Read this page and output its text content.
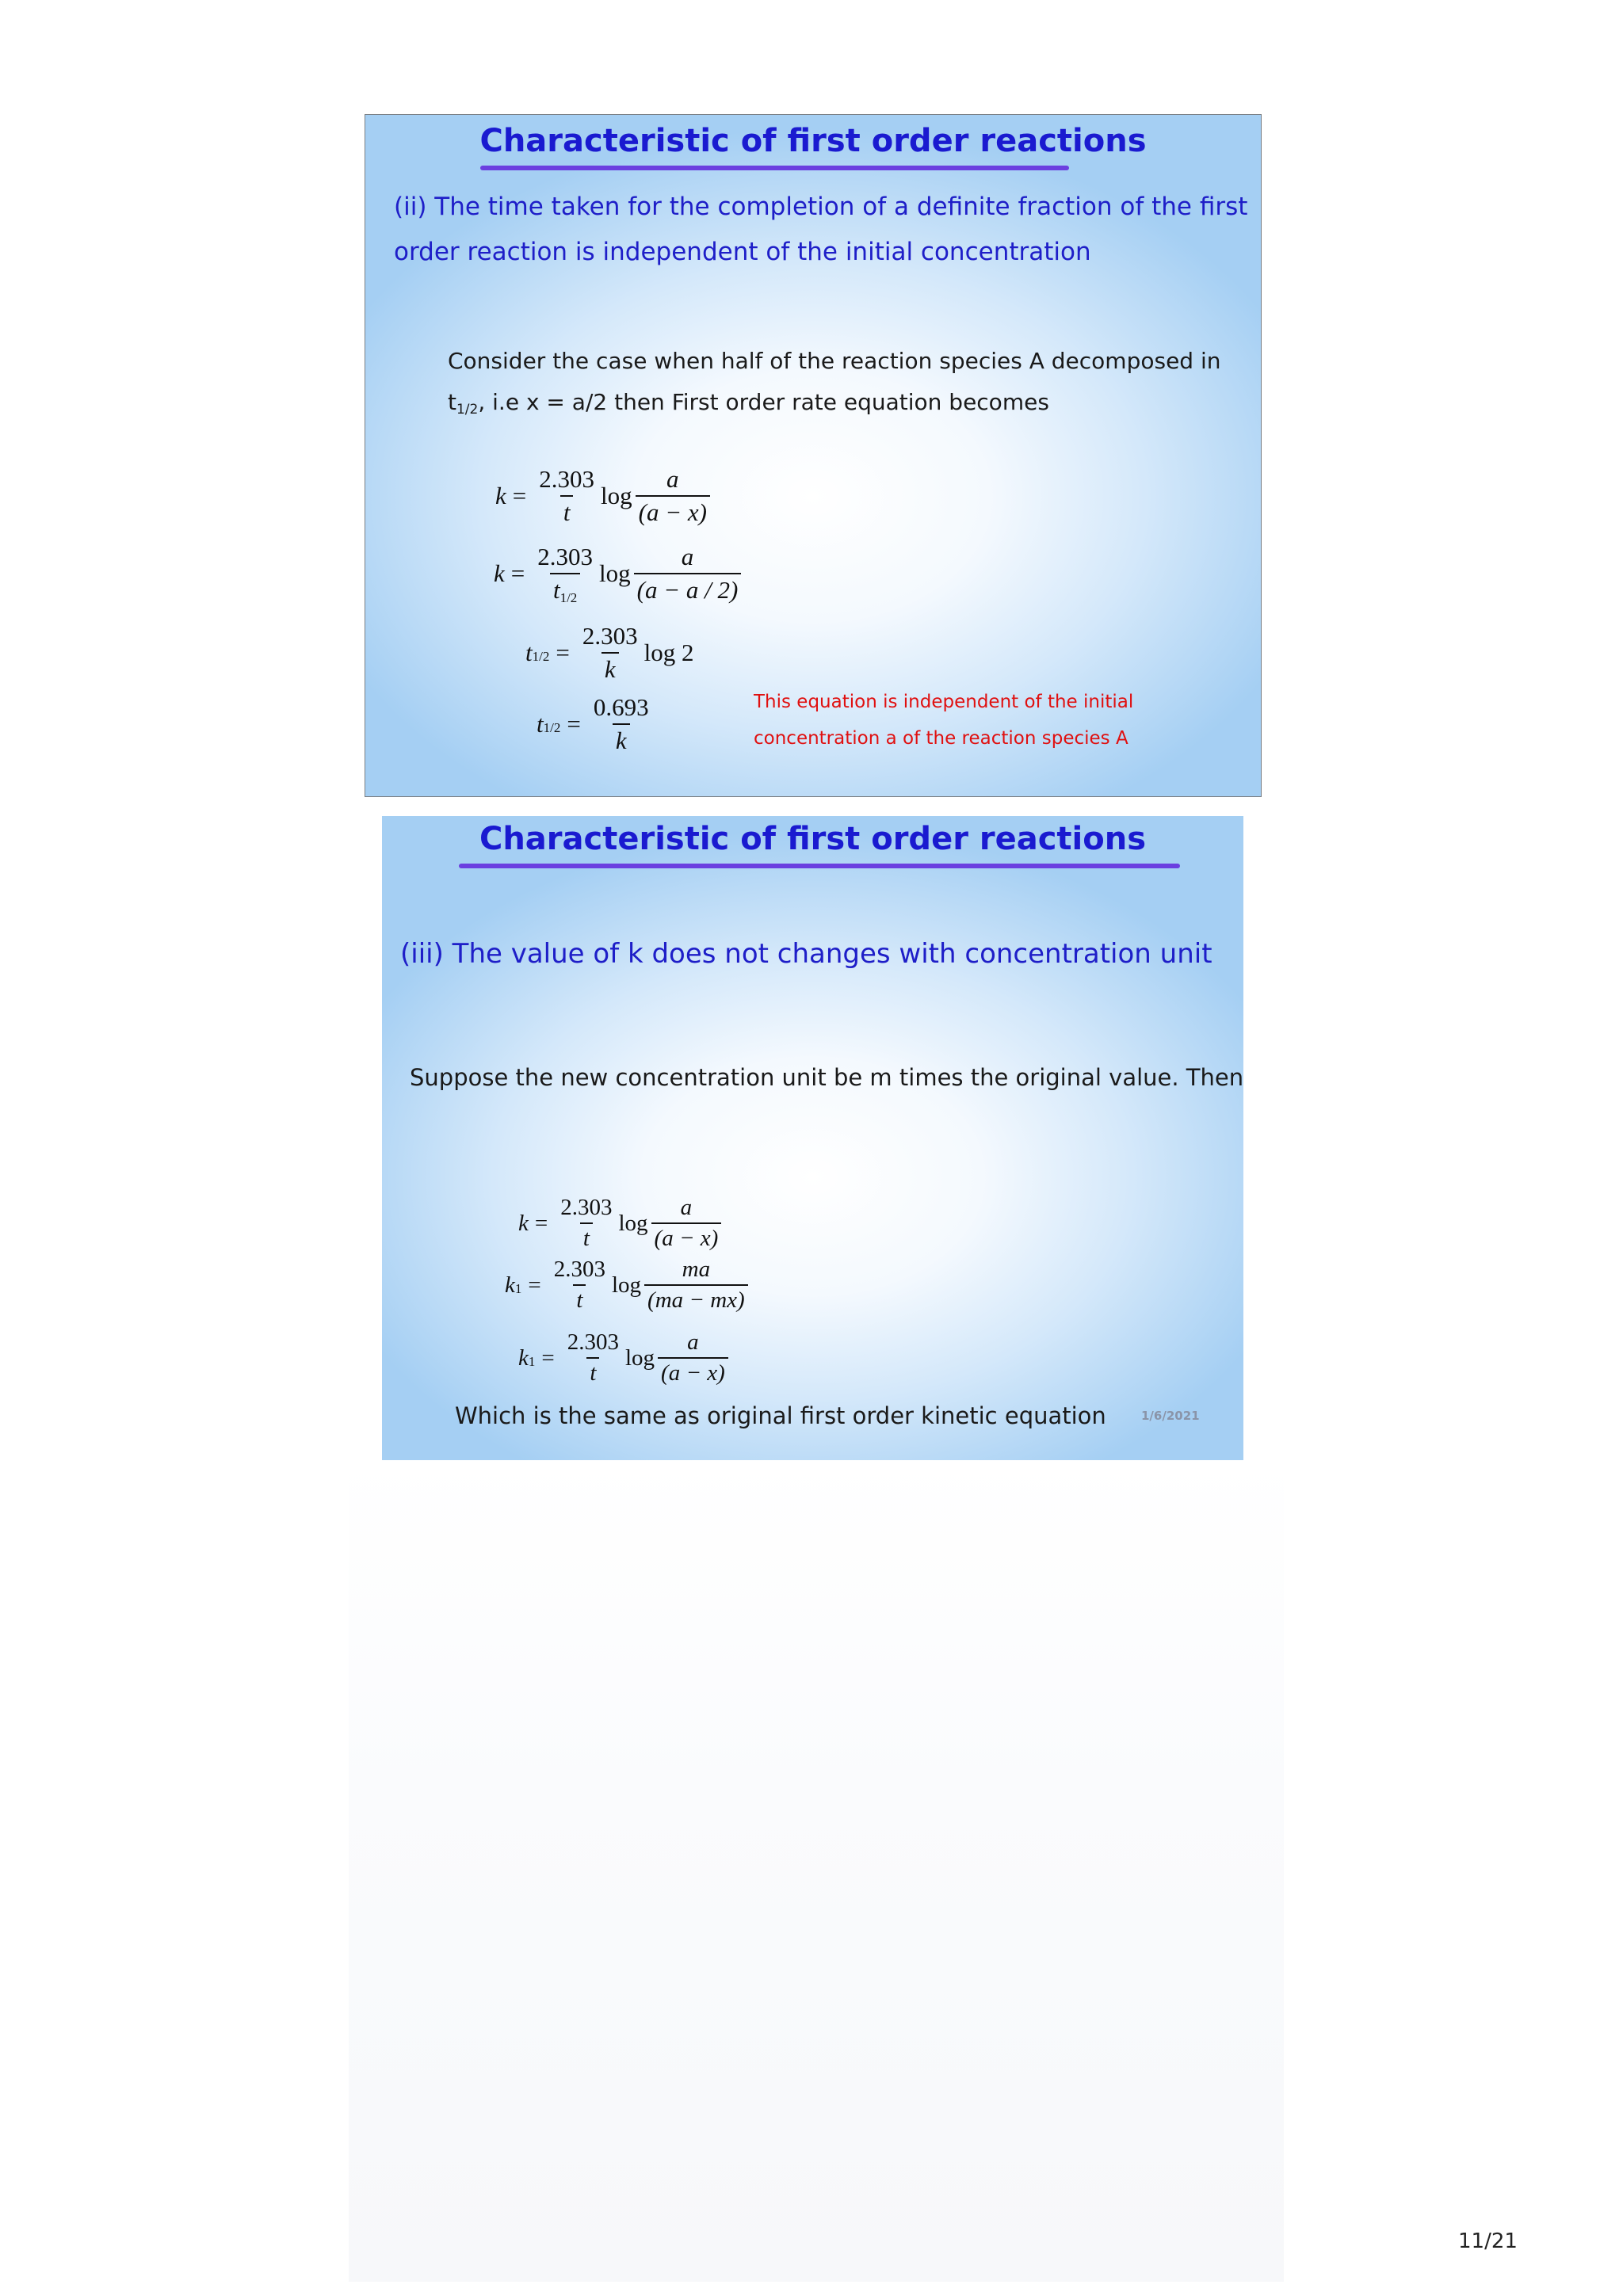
Characteristic of first order reactions
(ii) The time taken for the completion of a definite fraction of the first
order reaction is independent of the initial concentration
Consider the case when half of the reaction species A decomposed in
t1/2, i.e x = a/2 then First order rate equation becomes
$k = \frac{2.303}{t}$ $\log \frac{a}{(a - x)}$
$k = \frac{2.303}{t1/2}$ $\log \frac{a}{(a - a / 2)}$
t $1/2 = \frac{2.303}{k}$ log 2
t $1/2 = \frac{0.693}{k}$	This equation is independent of the initial
concentration a of the reaction species A
Characteristic of first order reactions
(iii) The value of k does not changes with concentration unit
Suppose the new concentration unit be m times the original value. Then
$k = \frac{2.303}{t}$ $\log \frac{a}{(a - x)}$
k $1 = \frac{2.303}{t}$ $\log \frac{ma}{(ma - mx)}$
k $1 = \frac{2.303}{t}$ $\log \frac{a}{(a - x)}$
Which is the same as original first order kinetic equation	1/6/2021
11/21
